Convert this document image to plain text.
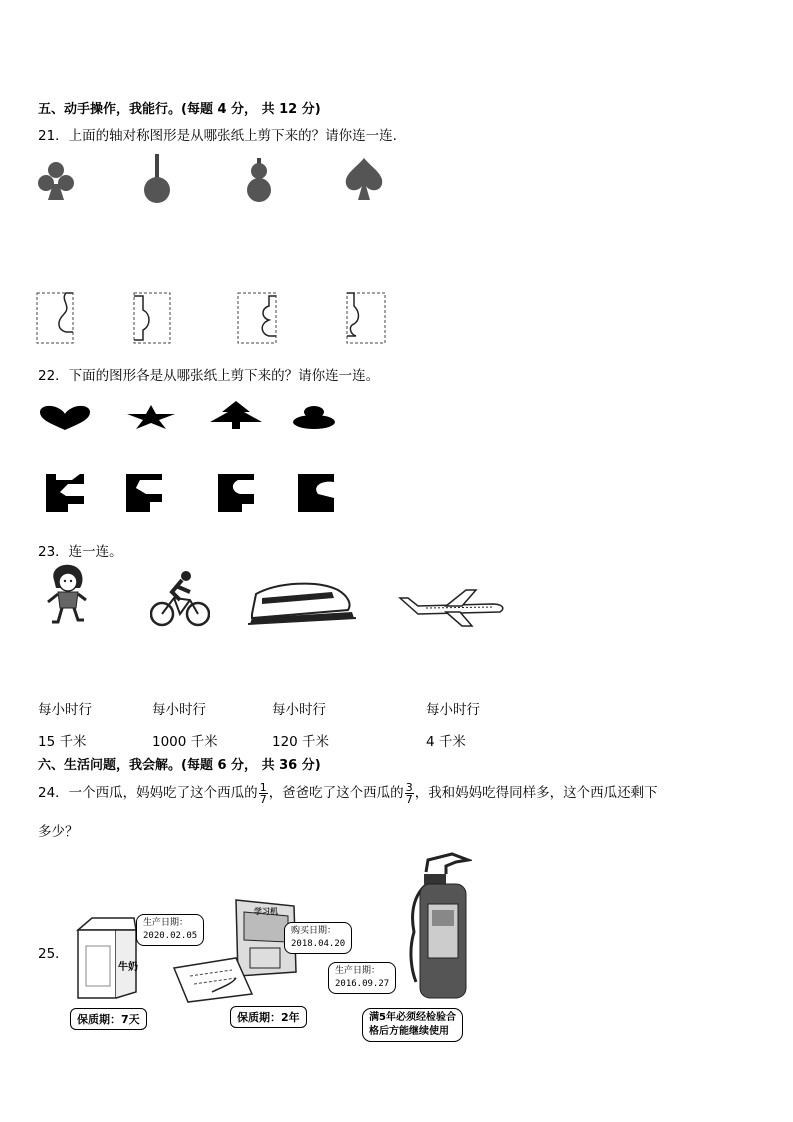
五、动手操作，我能行。(每题 4 分， 共 12 分)
21．上面的轴对称图形是从哪张纸上剪下来的？请你连一连.
22．下面的图形各是从哪张纸上剪下来的？请你连一连。
23．连一连。
每小时行	每小时行	每小时行	每小时行
15 千米	1000 千米	120 千米	4 千米
六、生活问题，我会解。(每题 6 分， 共 36 分)
24．一个西瓜，妈妈吃了这个西瓜的 $\frac{1}{7}$ ，爸爸吃了这个西瓜的 $\frac{3}{7}$ ，我和妈妈吃得同样多，这个西瓜还剩下
多少？
25．
牛奶
生产日期：
2020.02.05
保质期：7天
学习机
购买日期：
2018.04.20
保质期：2年
生产日期：
2016.09.27
满5年必须经检验合
格后方能继续使用
